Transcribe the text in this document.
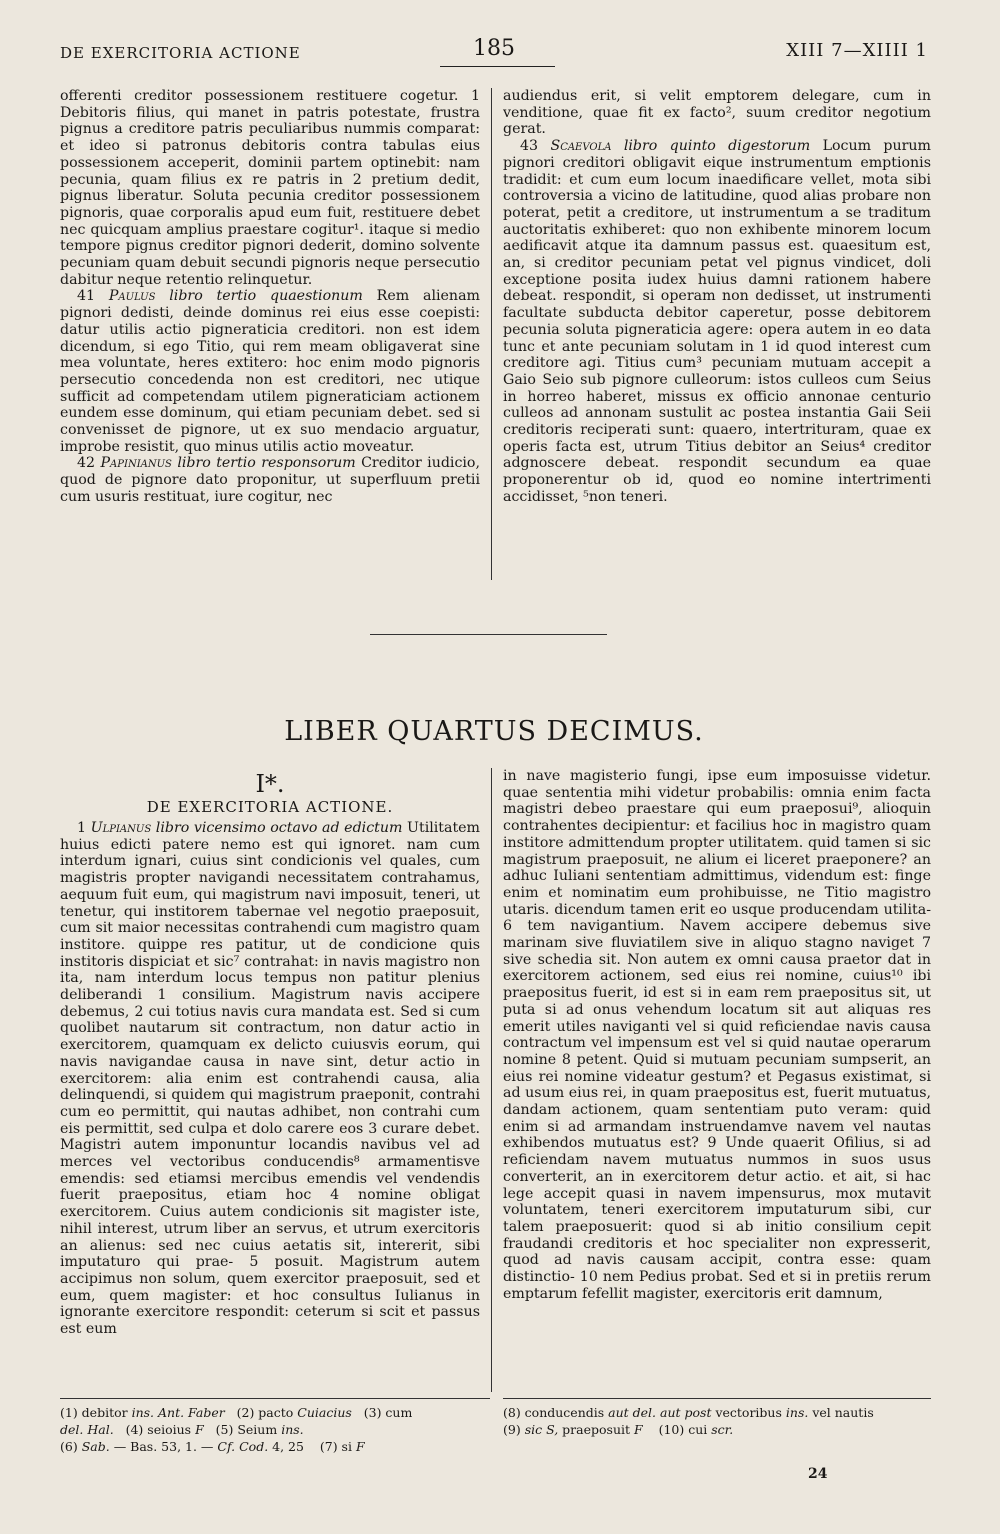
DE EXERCITORIA ACTIONE	185	XIII 7—XIIII 1

offerenti creditor possessionem restituere cogetur. 1 Debitoris filius, qui manet in patris potestate, frustra pignus a creditore patris peculiaribus nummis comparat: et ideo si patronus debitoris contra tabulas eius possessionem acceperit, dominii partem optinebit: nam pecunia, quam filius ex re patris in 2 pretium dedit, pignus liberatur. Soluta pecunia creditor possessionem pignoris, quae corporalis apud eum fuit, restituere debet nec quicquam amplius praestare cogitur¹. itaque si medio tempore pignus creditor pignori dederit, domino solvente pecuniam quam debuit secundi pignoris neque persecutio dabitur neque retentio relinquetur.

41 Paulus libro tertio quaestionum Rem alienam pignori dedisti, deinde dominus rei eius esse coepisti: datur utilis actio pigneraticia creditori. non est idem dicendum, si ego Titio, qui rem meam obligaverat sine mea voluntate, heres extitero: hoc enim modo pignoris persecutio concedenda non est creditori, nec utique sufficit ad competendam utilem pigneraticiam actionem eundem esse dominum, qui etiam pecuniam debet. sed si convenisset de pignore, ut ex suo mendacio arguatur, improbe resistit, quo minus utilis actio moveatur.

42 Papinianus libro tertio responsorum Creditor iudicio, quod de pignore dato proponitur, ut superfluum pretii cum usuris restituat, iure cogitur, nec

audiendus erit, si velit emptorem delegare, cum in venditione, quae fit ex facto², suum creditor negotium gerat.

43 Scaevola libro quinto digestorum Locum purum pignori creditori obligavit eique instrumentum emptionis tradidit: et cum eum locum inaedificare vellet, mota sibi controversia a vicino de latitudine, quod alias probare non poterat, petit a creditore, ut instrumentum a se traditum auctoritatis exhiberet: quo non exhibente minorem locum aedificavit atque ita damnum passus est. quaesitum est, an, si creditor pecuniam petat vel pignus vindicet, doli exceptione posita iudex huius damni rationem habere debeat. respondit, si operam non dedisset, ut instrumenti facultate subducta debitor caperetur, posse debitorem pecunia soluta pigneraticia agere: opera autem in eo data tunc et ante pecuniam solutam in 1 id quod interest cum creditore agi. Titius cum³ pecuniam mutuam accepit a Gaio Seio sub pignore culleorum: istos culleos cum Seius in horreo haberet, missus ex officio annonae centurio culleos ad annonam sustulit ac postea instantia Gaii Seii creditoris reciperati sunt: quaero, intertrituram, quae ex operis facta est, utrum Titius debitor an Seius⁴ creditor adgnoscere debeat. respondit secundum ea quae proponerentur ob id, quod eo nomine intertrimenti accidisset, ⁵non teneri.

LIBER QUARTUS DECIMUS.
I*.
DE EXERCITORIA ACTIONE.

1 Ulpianus libro vicensimo octavo ad edictum Utilitatem huius edicti patere nemo est qui ignoret. nam cum interdum ignari, cuius sint condicionis vel quales, cum magistris propter navigandi necessitatem contrahamus, aequum fuit eum, qui magistrum navi imposuit, teneri, ut tenetur, qui institorem tabernae vel negotio praeposuit, cum sit maior necessitas contrahendi cum magistro quam institore. quippe res patitur, ut de condicione quis institoris dispiciat et sic⁷ contrahat: in navis magistro non ita, nam interdum locus tempus non patitur plenius deliberandi 1 consilium. Magistrum navis accipere debemus, 2 cui totius navis cura mandata est. Sed si cum quolibet nautarum sit contractum, non datur actio in exercitorem, quamquam ex delicto cuiusvis eorum, qui navis navigandae causa in nave sint, detur actio in exercitorem: alia enim est contrahendi causa, alia delinquendi, si quidem qui magistrum praeponit, contrahi cum eo permittit, qui nautas adhibet, non contrahi cum eis permittit, sed culpa et dolo carere eos 3 curare debet. Magistri autem imponuntur locandis navibus vel ad merces vel vectoribus conducendis⁸ armamentisve emendis: sed etiamsi mercibus emendis vel vendendis fuerit praepositus, etiam hoc 4 nomine obligat exercitorem. Cuius autem condicionis sit magister iste, nihil interest, utrum liber an servus, et utrum exercitoris an alienus: sed nec cuius aetatis sit, intererit, sibi imputaturo qui prae- 5 posuit. Magistrum autem accipimus non solum, quem exercitor praeposuit, sed et eum, quem magister: et hoc consultus Iulianus in ignorante exercitore respondit: ceterum si scit et passus est eum

in nave magisterio fungi, ipse eum imposuisse videtur. quae sententia mihi videtur probabilis: omnia enim facta magistri debeo praestare qui eum praeposui⁹, alioquin contrahentes decipientur: et facilius hoc in magistro quam institore admittendum propter utilitatem. quid tamen si sic magistrum praeposuit, ne alium ei liceret praeponere? an adhuc Iuliani sententiam admittimus, videndum est: finge enim et nominatim eum prohibuisse, ne Titio magistro utaris. dicendum tamen erit eo usque producendam utilita- 6 tem navigantium. Navem accipere debemus sive marinam sive fluviatilem sive in aliquo stagno naviget 7 sive schedia sit. Non autem ex omni causa praetor dat in exercitorem actionem, sed eius rei nomine, cuius¹⁰ ibi praepositus fuerit, id est si in eam rem praepositus sit, ut puta si ad onus vehendum locatum sit aut aliquas res emerit utiles naviganti vel si quid reficiendae navis causa contractum vel impensum est vel si quid nautae operarum nomine 8 petent. Quid si mutuam pecuniam sumpserit, an eius rei nomine videatur gestum? et Pegasus existimat, si ad usum eius rei, in quam praepositus est, fuerit mutuatus, dandam actionem, quam sententiam puto veram: quid enim si ad armandam instruendamve navem vel nautas exhibendos mutuatus est? 9 Unde quaerit Ofilius, si ad reficiendam navem mutuatus nummos in suos usus converterit, an in exercitorem detur actio. et ait, si hac lege accepit quasi in navem impensurus, mox mutavit voluntatem, teneri exercitorem imputaturum sibi, cur talem praeposuerit: quod si ab initio consilium cepit fraudandi creditoris et hoc specialiter non expresserit, quod ad navis causam accipit, contra esse: quam distinctio- 10 nem Pedius probat. Sed et si in pretiis rerum emptarum fefellit magister, exercitoris erit damnum,

(1) debitor ins. Ant. Faber (2) pacto Cuiacius (3) cum
del. Hal. (4) seioius F (5) Seium ins.
(6) Sab. — Bas. 53, 1. — Cf. Cod. 4, 25 (7) si F
(8) conducendis aut del. aut post vectoribus ins. vel nautis
(9) sic S, praeposuit F (10) cui scr.
24
